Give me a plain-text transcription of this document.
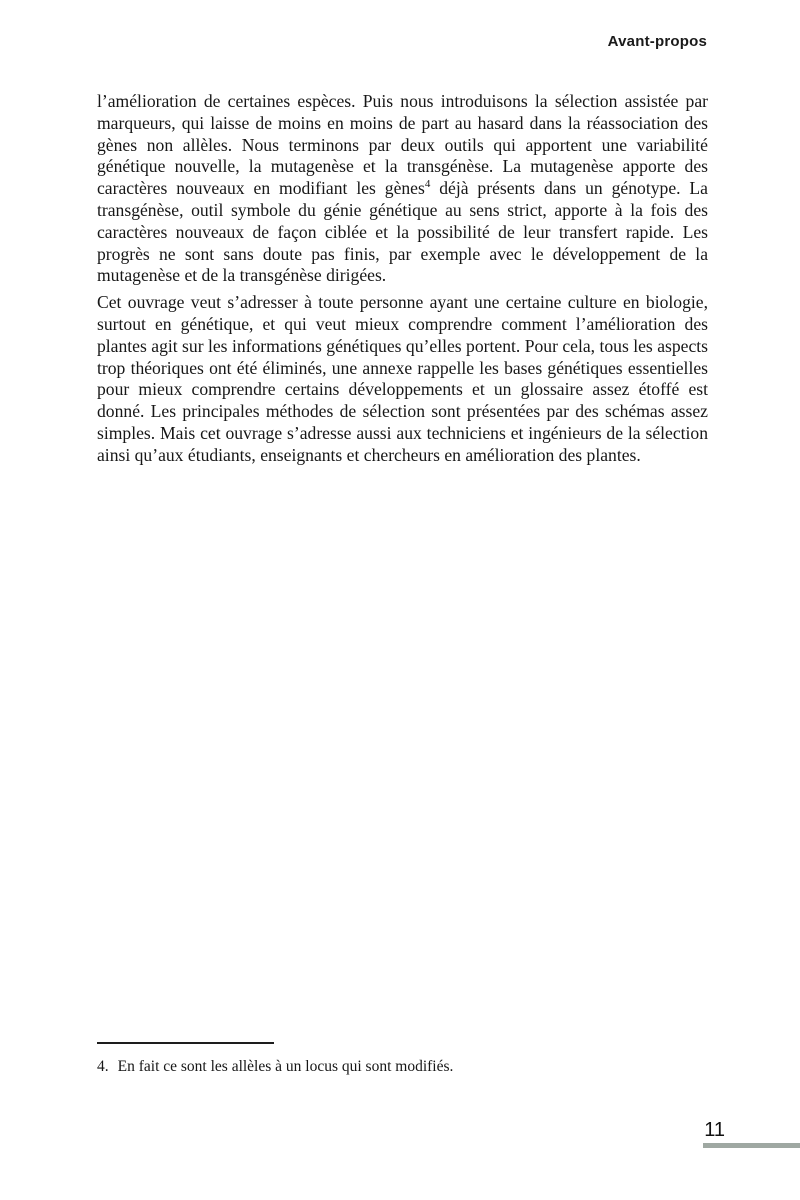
Avant-propos

l’amélioration de certaines espèces. Puis nous introduisons la sélection assistée par marqueurs, qui laisse de moins en moins de part au hasard dans la réassociation des gènes non allèles. Nous terminons par deux outils qui apportent une variabilité génétique nouvelle, la mutagenèse et la transgénèse. La mutagenèse apporte des caractères nouveaux en modifiant les gènes$^4$ déjà présents dans un génotype. La transgénèse, outil symbole du génie génétique au sens strict, apporte à la fois des caractères nouveaux de façon ciblée et la possibilité de leur transfert rapide. Les progrès ne sont sans doute pas finis, par exemple avec le développement de la mutagenèse et de la transgénèse dirigées.

Cet ouvrage veut s’adresser à toute personne ayant une certaine culture en biologie, surtout en génétique, et qui veut mieux comprendre comment l’amélioration des plantes agit sur les informations génétiques qu’elles portent. Pour cela, tous les aspects trop théoriques ont été éliminés, une annexe rappelle les bases génétiques essentielles pour mieux comprendre certains développements et un glossaire assez étoffé est donné. Les principales méthodes de sélection sont présentées par des schémas assez simples. Mais cet ouvrage s’adresse aussi aux techniciens et ingénieurs de la sélection ainsi qu’aux étudiants, enseignants et chercheurs en amélioration des plantes.

4. En fait ce sont les allèles à un locus qui sont modifiés.

11
